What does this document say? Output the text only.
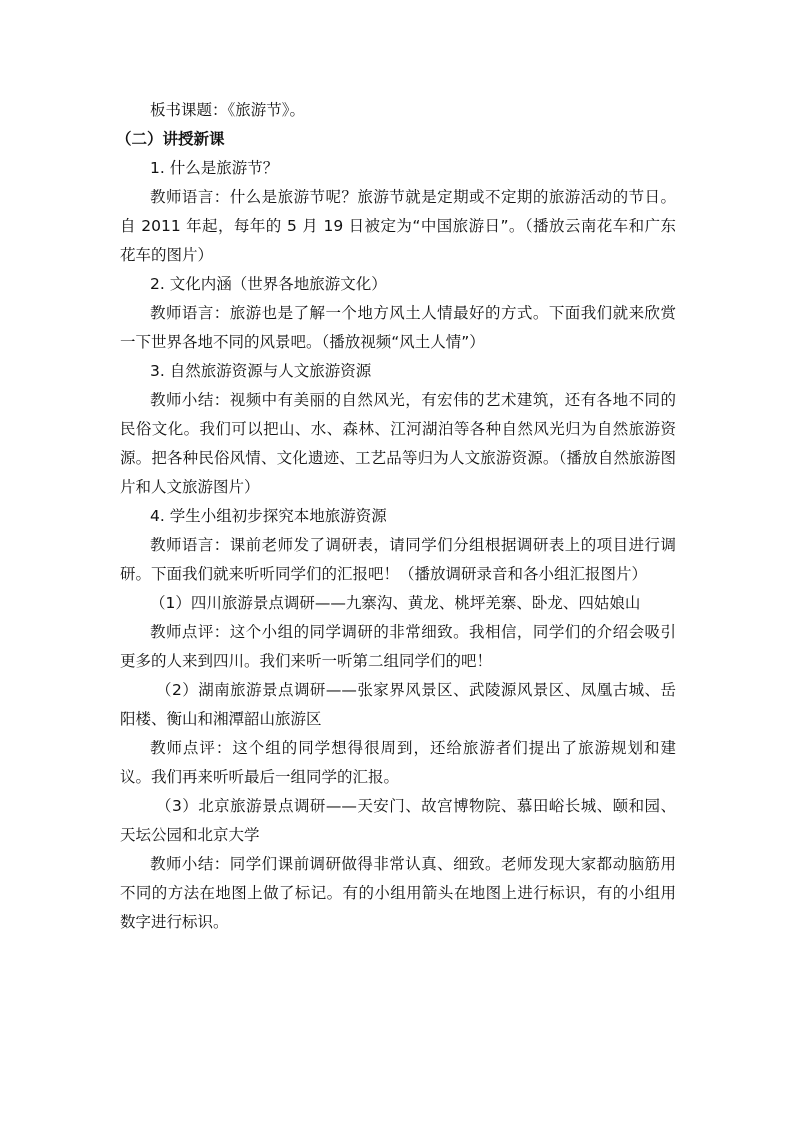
板书课题：《旅游节》。

（二）讲授新课

1. 什么是旅游节？

教师语言：什么是旅游节呢？旅游节就是定期或不定期的旅游活动的节日。自 2011 年起，每年的 5 月 19 日被定为“中国旅游日”。（播放云南花车和广东花车的图片）

2. 文化内涵（世界各地旅游文化）

教师语言：旅游也是了解一个地方风土人情最好的方式。下面我们就来欣赏一下世界各地不同的风景吧。（播放视频“风土人情”）

3. 自然旅游资源与人文旅游资源

教师小结：视频中有美丽的自然风光，有宏伟的艺术建筑，还有各地不同的民俗文化。我们可以把山、水、森林、江河湖泊等各种自然风光归为自然旅游资源。把各种民俗风情、文化遗迹、工艺品等归为人文旅游资源。（播放自然旅游图片和人文旅游图片）

4. 学生小组初步探究本地旅游资源

教师语言：课前老师发了调研表，请同学们分组根据调研表上的项目进行调研。下面我们就来听听同学们的汇报吧！（播放调研录音和各小组汇报图片）

（1）四川旅游景点调研——九寨沟、黄龙、桃坪羌寨、卧龙、四姑娘山

教师点评：这个小组的同学调研的非常细致。我相信，同学们的介绍会吸引更多的人来到四川。我们来听一听第二组同学们的吧！

（2）湖南旅游景点调研——张家界风景区、武陵源风景区、凤凰古城、岳阳楼、衡山和湘潭韶山旅游区

教师点评：这个组的同学想得很周到，还给旅游者们提出了旅游规划和建议。我们再来听听最后一组同学的汇报。

（3）北京旅游景点调研——天安门、故宫博物院、慕田峪长城、颐和园、天坛公园和北京大学

教师小结：同学们课前调研做得非常认真、细致。老师发现大家都动脑筋用不同的方法在地图上做了标记。有的小组用箭头在地图上进行标识，有的小组用数字进行标识。
